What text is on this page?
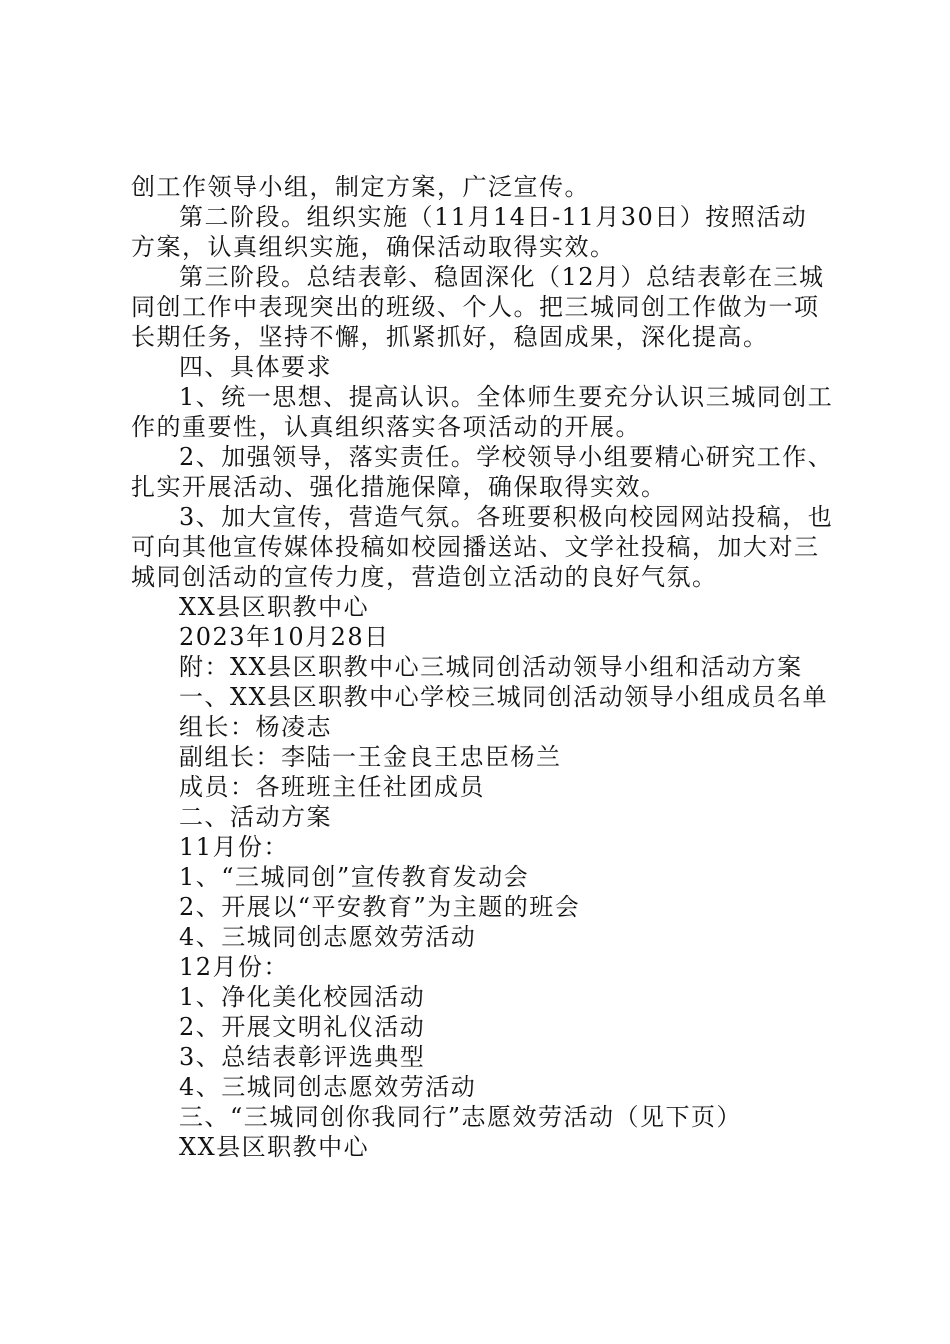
创工作领导小组，制定方案，广泛宣传。
第二阶段。组织实施（11月14日-11月30日）按照活动
方案，认真组织实施，确保活动取得实效。
第三阶段。总结表彰、稳固深化（12月）总结表彰在三城
同创工作中表现突出的班级、个人。把三城同创工作做为一项
长期任务，坚持不懈，抓紧抓好，稳固成果，深化提高。
四、具体要求
1、统一思想、提高认识。全体师生要充分认识三城同创工
作的重要性，认真组织落实各项活动的开展。
2、加强领导，落实责任。学校领导小组要精心研究工作、
扎实开展活动、强化措施保障，确保取得实效。
3、加大宣传，营造气氛。各班要积极向校园网站投稿，也
可向其他宣传媒体投稿如校园播送站、文学社投稿，加大对三
城同创活动的宣传力度，营造创立活动的良好气氛。
XX县区职教中心
2023年10月28日
附：XX县区职教中心三城同创活动领导小组和活动方案
一、XX县区职教中心学校三城同创活动领导小组成员名单
组长：杨凌志
副组长：李陆一王金良王忠臣杨兰
成员：各班班主任社团成员
二、活动方案
11月份：
1、“三城同创”宣传教育发动会
2、开展以“平安教育”为主题的班会
4、三城同创志愿效劳活动
12月份：
1、净化美化校园活动
2、开展文明礼仪活动
3、总结表彰评选典型
4、三城同创志愿效劳活动
三、“三城同创你我同行”志愿效劳活动（见下页）
XX县区职教中心
